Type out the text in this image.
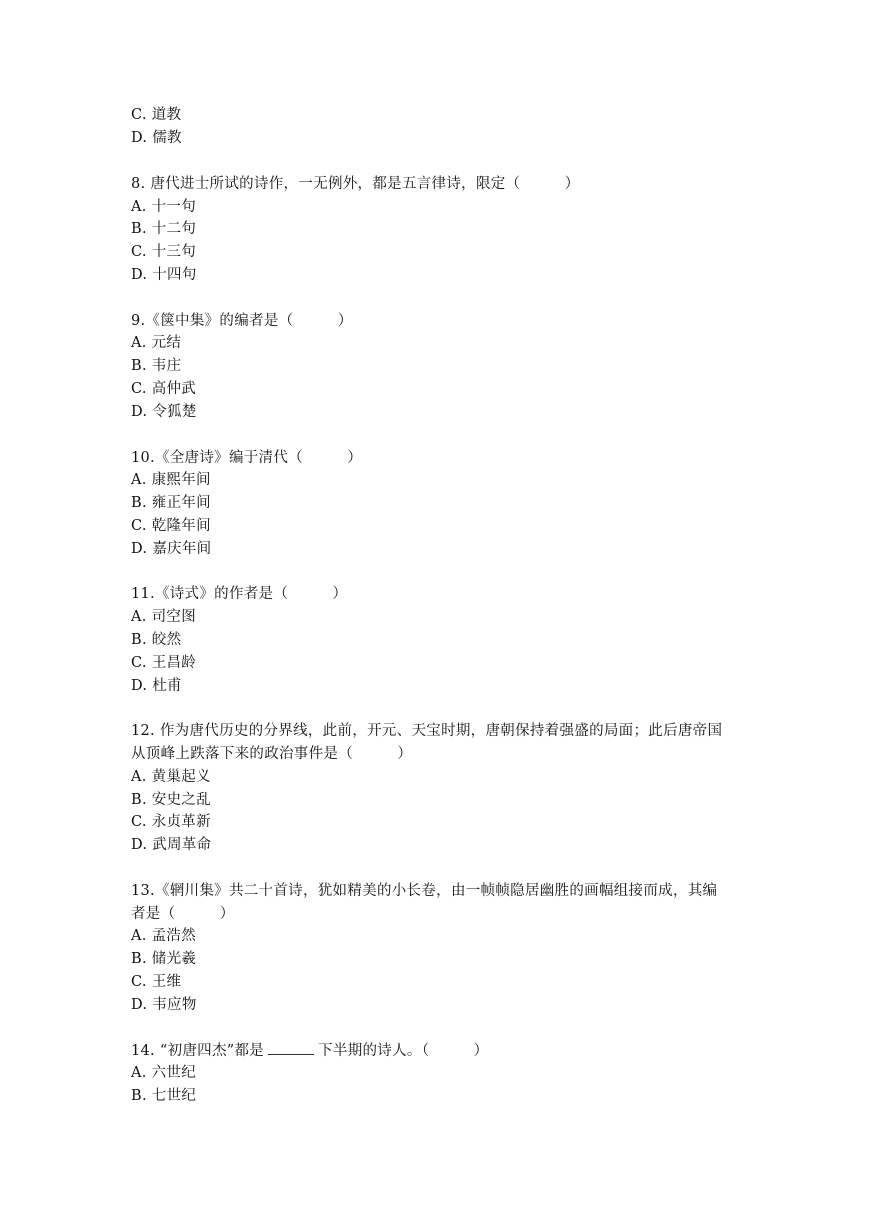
C. 道教
D. 儒教
8. 唐代进士所试的诗作，一无例外，都是五言律诗，限定（　　　）
A. 十一句
B. 十二句
C. 十三句
D. 十四句
9.《箧中集》的编者是（　　　）
A. 元结
B. 韦庄
C. 高仲武
D. 令狐楚
10.《全唐诗》编于清代（　　　）
A. 康熙年间
B. 雍正年间
C. 乾隆年间
D. 嘉庆年间
11.《诗式》的作者是（　　　）
A. 司空图
B. 皎然
C. 王昌龄
D. 杜甫
12. 作为唐代历史的分界线，此前，开元、天宝时期，唐朝保持着强盛的局面；此后唐帝国
从顶峰上跌落下来的政治事件是（　　　）
A. 黄巢起义
B. 安史之乱
C. 永贞革新
D. 武周革命
13.《辋川集》共二十首诗，犹如精美的小长卷，由一帧帧隐居幽胜的画幅组接而成，其编
者是（　　　）
A. 孟浩然
B. 储光羲
C. 王维
D. 韦应物
14. “初唐四杰”都是	下半期的诗人。（　　　）
A. 六世纪
B. 七世纪
